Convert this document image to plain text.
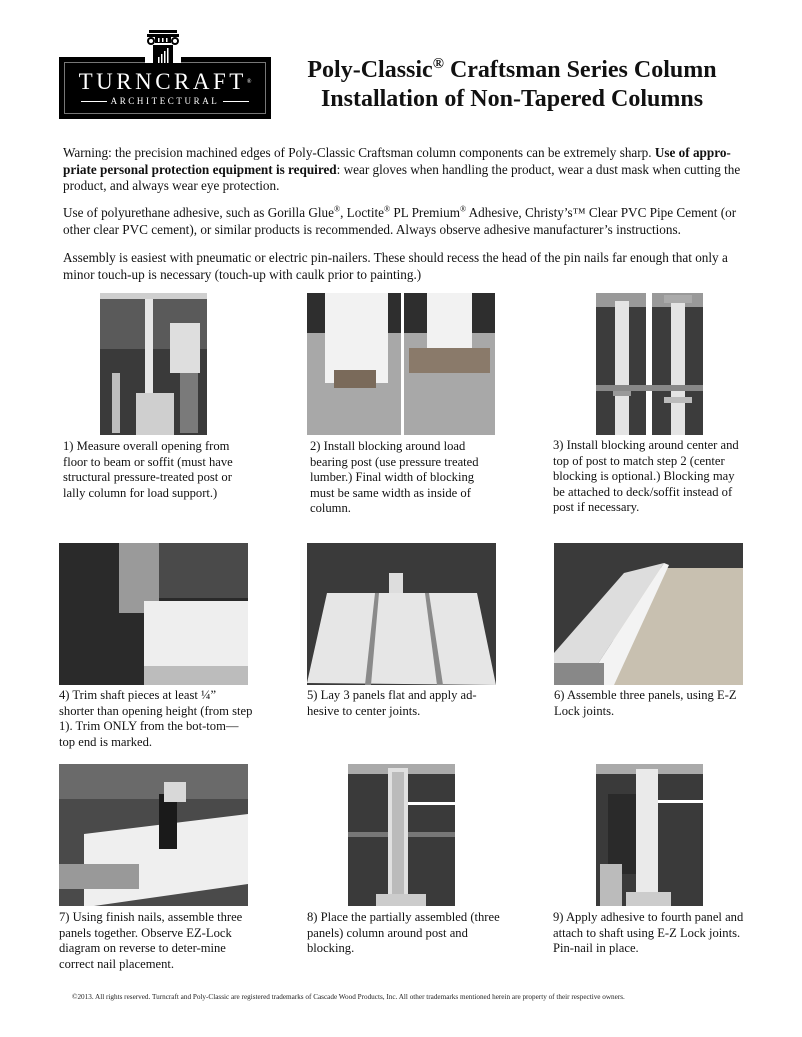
TURNCRAFT®
ARCHITECTURAL
Poly-Classic® Craftsman Series Column
Installation of Non-Tapered Columns
Warning: the precision machined edges of Poly-Classic Craftsman column components can be extremely sharp. Use of appro-priate personal protection equipment is required: wear gloves when handling the product, wear a dust mask when cutting the product, and always wear eye protection.
Use of polyurethane adhesive, such as Gorilla Glue®, Loctite® PL Premium® Adhesive, Christy’s™ Clear PVC Pipe Cement (or other clear PVC cement), or similar products is recommended. Always observe adhesive manufacturer’s instructions.
Assembly is easiest with pneumatic or electric pin-nailers. These should recess the head of the pin nails far enough that only a minor touch-up is necessary (touch-up with caulk prior to painting.)
1) Measure overall opening from floor to beam or soffit (must have structural pressure-treated post or lally column for load support.)
2) Install blocking around load bearing post (use pressure treated lumber.) Final width of blocking must be same width as inside of column.
3) Install blocking around center and top of post to match step 2 (center blocking is optional.) Blocking may be attached to deck/soffit instead of post if necessary.
4) Trim shaft pieces at least ¼” shorter than opening height (from step 1). Trim ONLY from the bot-tom—top end is marked.
5) Lay 3 panels flat and apply ad-hesive to center joints.
6) Assemble three panels, using E-Z Lock joints.
7) Using finish nails, assemble three panels together. Observe EZ-Lock diagram on reverse to deter-mine correct nail placement.
8) Place the partially assembled (three panels) column around post and blocking.
9) Apply adhesive to fourth panel and attach to shaft using E-Z Lock joints. Pin-nail in place.
©2013. All rights reserved. Turncraft and Poly-Classic are registered trademarks of Cascade Wood Products, Inc. All other trademarks mentioned herein are property of their respective owners.
